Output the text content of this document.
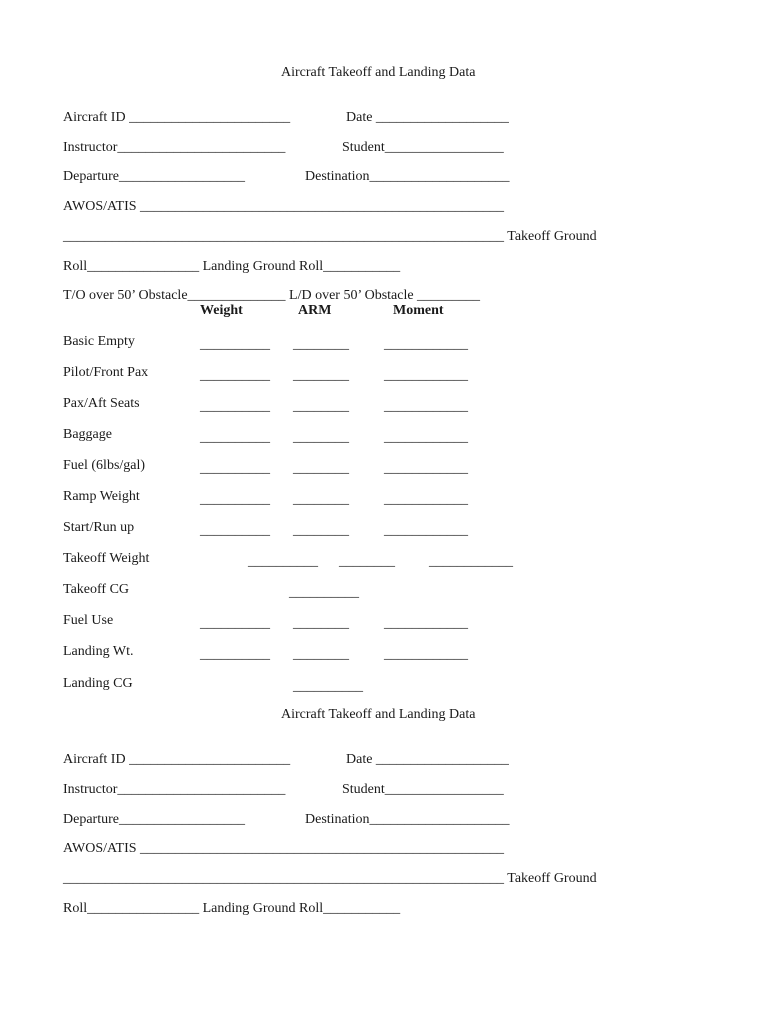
Aircraft Takeoff and Landing Data
Aircraft ID _______________________	Date ___________________
Instructor________________________	Student_________________
Departure__________________	Destination____________________
AWOS/ATIS ____________________________________________________
_______________________________________________________________ Takeoff Ground
Roll________________ Landing Ground Roll___________
T/O over 50’ Obstacle______________ L/D over 50’ Obstacle _________
Weight	ARM	Moment
Basic Empty	__________ ________	____________
Pilot/Front Pax	__________ ________	____________
Pax/Aft Seats	__________ ________	____________
Baggage	__________ ________	____________
Fuel (6lbs/gal)	__________ ________	____________
Ramp Weight	__________ ________	____________
Start/Run up	__________ ________	____________
Takeoff Weight	__________ ________ ____________
Takeoff CG	__________
Fuel Use	__________ ________	____________
Landing Wt.	__________ ________	____________
Landing CG	__________
Aircraft Takeoff and Landing Data
Aircraft ID _______________________	Date ___________________
Instructor________________________	Student_________________
Departure__________________	Destination____________________
AWOS/ATIS ____________________________________________________
_______________________________________________________________ Takeoff Ground
Roll________________ Landing Ground Roll___________
